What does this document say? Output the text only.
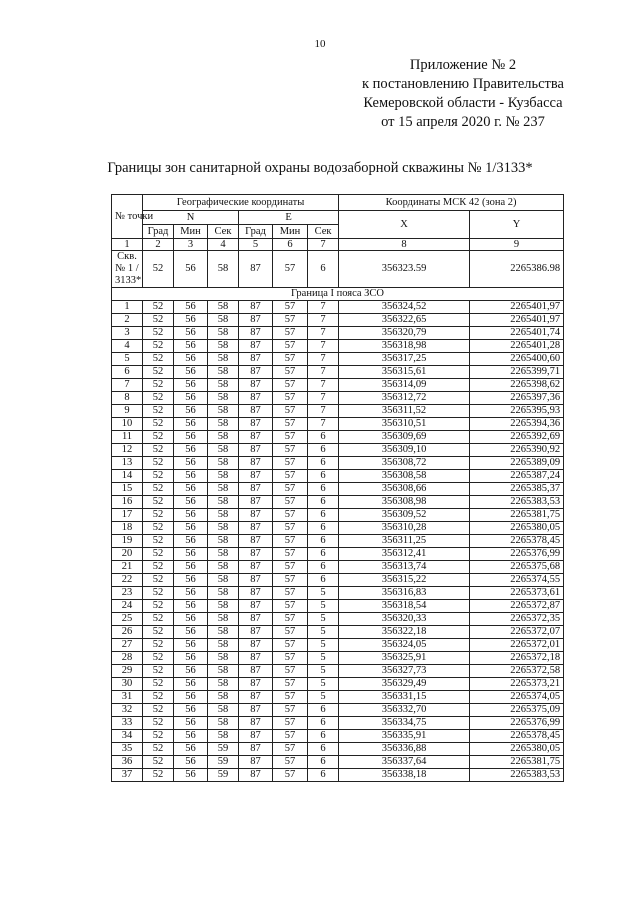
10
Приложение № 2
к постановлению Правительства
Кемеровской области - Кузбасса
от 15 апреля 2020 г. № 237
Границы зон санитарной охраны водозаборной скважины № 1/3133*
№ точки	Географические координаты						Координаты МСК 42 (зона 2)	
	N			E			X	Y
	Град	Мин	Сек	Град	Мин	Сек		
1	2	3	4	5	6	7	8	9
Скв. № 1 / 3133*	52	56	58	87	57	6	356323.59	2265386.98
Граница I пояса ЗСО								
1	52	56	58	87	57	7	356324,52	2265401,97
2	52	56	58	87	57	7	356322,65	2265401,97
3	52	56	58	87	57	7	356320,79	2265401,74
4	52	56	58	87	57	7	356318,98	2265401,28
5	52	56	58	87	57	7	356317,25	2265400,60
6	52	56	58	87	57	7	356315,61	2265399,71
7	52	56	58	87	57	7	356314,09	2265398,62
8	52	56	58	87	57	7	356312,72	2265397,36
9	52	56	58	87	57	7	356311,52	2265395,93
10	52	56	58	87	57	7	356310,51	2265394,36
11	52	56	58	87	57	6	356309,69	2265392,69
12	52	56	58	87	57	6	356309,10	2265390,92
13	52	56	58	87	57	6	356308,72	2265389,09
14	52	56	58	87	57	6	356308,58	2265387,24
15	52	56	58	87	57	6	356308,66	2265385,37
16	52	56	58	87	57	6	356308,98	2265383,53
17	52	56	58	87	57	6	356309,52	2265381,75
18	52	56	58	87	57	6	356310,28	2265380,05
19	52	56	58	87	57	6	356311,25	2265378,45
20	52	56	58	87	57	6	356312,41	2265376,99
21	52	56	58	87	57	6	356313,74	2265375,68
22	52	56	58	87	57	6	356315,22	2265374,55
23	52	56	58	87	57	5	356316,83	2265373,61
24	52	56	58	87	57	5	356318,54	2265372,87
25	52	56	58	87	57	5	356320,33	2265372,35
26	52	56	58	87	57	5	356322,18	2265372,07
27	52	56	58	87	57	5	356324,05	2265372,01
28	52	56	58	87	57	5	356325,91	2265372,18
29	52	56	58	87	57	5	356327,73	2265372,58
30	52	56	58	87	57	5	356329,49	2265373,21
31	52	56	58	87	57	5	356331,15	2265374,05
32	52	56	58	87	57	6	356332,70	2265375,09
33	52	56	58	87	57	6	356334,75	2265376,99
34	52	56	58	87	57	6	356335,91	2265378,45
35	52	56	59	87	57	6	356336,88	2265380,05
36	52	56	59	87	57	6	356337,64	2265381,75
37	52	56	59	87	57	6	356338,18	2265383,53
